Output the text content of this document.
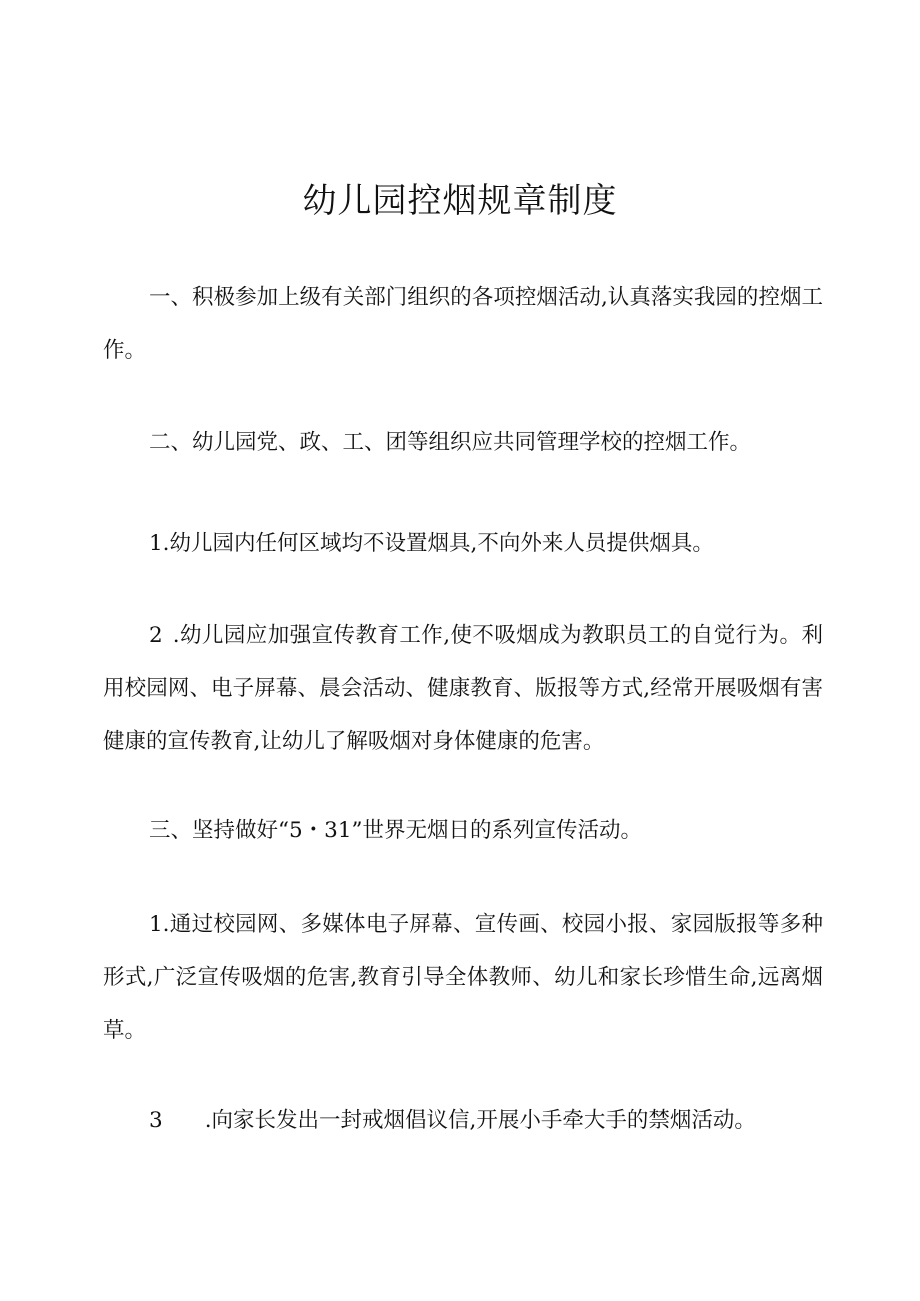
幼儿园控烟规章制度

一、积极参加上级有关部门组织的各项控烟活动,认真落实我园的控烟工作。

二、幼儿园党、政、工、团等组织应共同管理学校的控烟工作。

1.幼儿园内任何区域均不设置烟具,不向外来人员提供烟具。

2 .幼儿园应加强宣传教育工作,使不吸烟成为教职员工的自觉行为。利用校园网、电子屏幕、晨会活动、健康教育、版报等方式,经常开展吸烟有害健康的宣传教育,让幼儿了解吸烟对身体健康的危害。

三、坚持做好“5・31”世界无烟日的系列宣传活动。

1.通过校园网、多媒体电子屏幕、宣传画、校园小报、家园版报等多种形式,广泛宣传吸烟的危害,教育引导全体教师、幼儿和家长珍惜生命,远离烟草。

3 .向家长发出一封戒烟倡议信,开展小手牵大手的禁烟活动。
